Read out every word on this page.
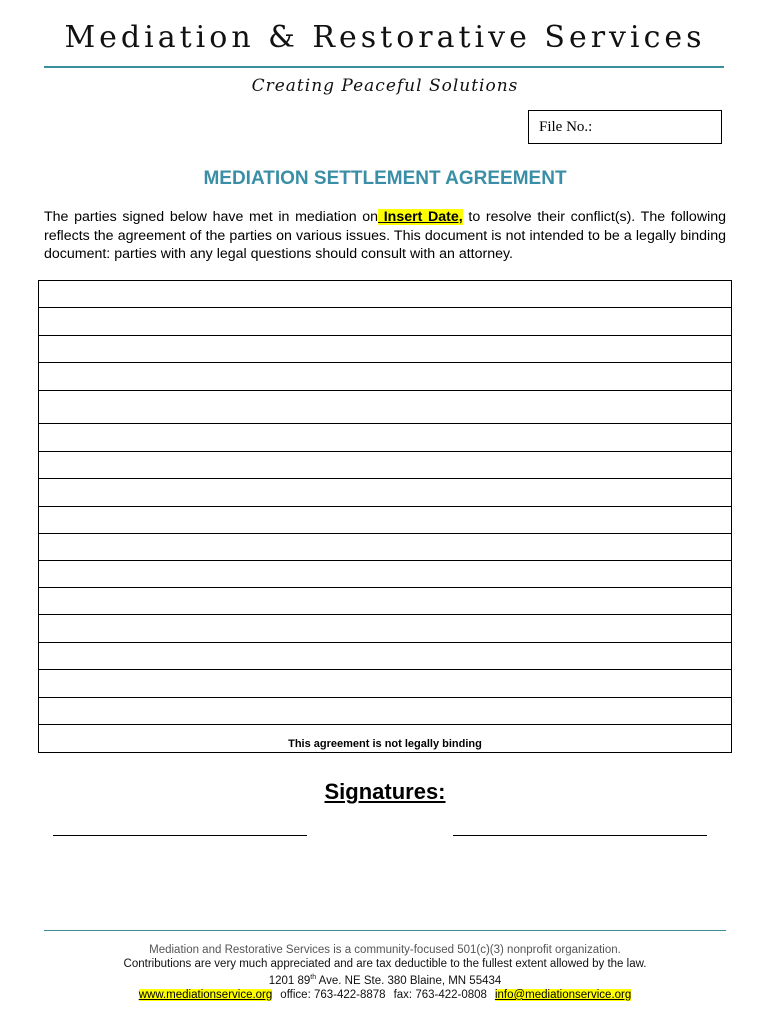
Mediation & Restorative Services
Creating Peaceful Solutions
File No.:
MEDIATION SETTLEMENT AGREEMENT
The parties signed below have met in mediation on Insert Date, to resolve their conflict(s). The following reflects the agreement of the parties on various issues. This document is not intended to be a legally binding document: parties with any legal questions should consult with an attorney.

This agreement is not legally binding
Signatures:
Mediation and Restorative Services is a community-focused 501(c)(3) nonprofit organization.
Contributions are very much appreciated and are tax deductible to the fullest extent allowed by the law.
1201 89th Ave. NE Ste. 380 Blaine, MN 55434
www.mediationservice.org office: 763-422-8878 fax: 763-422-0808 info@mediationservice.org
